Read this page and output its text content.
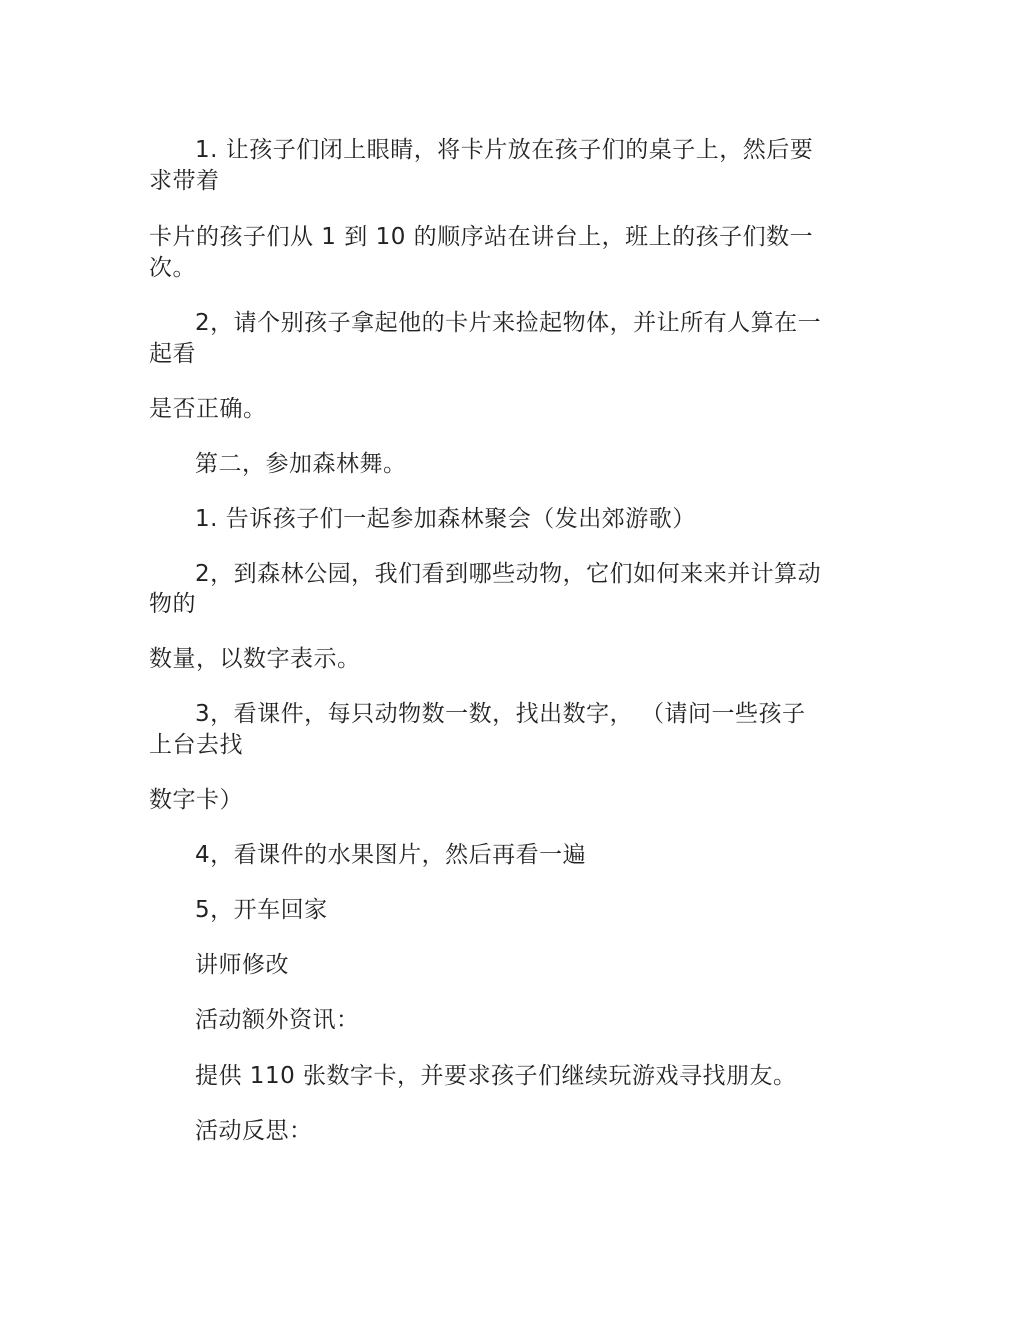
1. 让孩子们闭上眼睛，将卡片放在孩子们的桌子上，然后要
求带着
卡片的孩子们从 1 到 10 的顺序站在讲台上，班上的孩子们数一
次。
2，请个别孩子拿起他的卡片来捡起物体，并让所有人算在一
起看
是否正确。
第二，参加森林舞。
1. 告诉孩子们一起参加森林聚会（发出郊游歌）
2，到森林公园，我们看到哪些动物，它们如何来来并计算动
物的
数量，以数字表示。
3，看课件，每只动物数一数，找出数字， （请问一些孩子
上台去找
数字卡）
4，看课件的水果图片，然后再看一遍
5，开车回家
讲师修改
活动额外资讯：
提供 110 张数字卡，并要求孩子们继续玩游戏寻找朋友。
活动反思：
